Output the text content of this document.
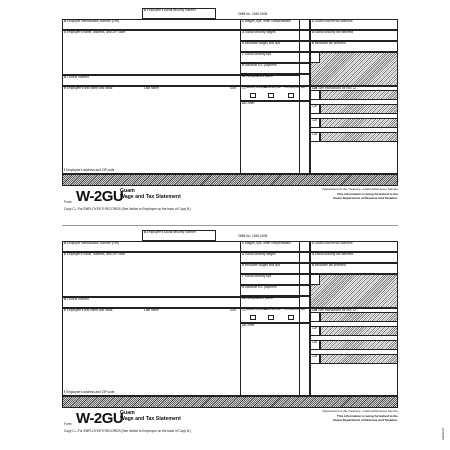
aEmployee's social security number
OMB No. 1545-0008
bEmployer identification number (EIN)
cEmployer's name, address, and ZIP code
dControl number
eEmployee's first name and initial	Last name	Suff.
fEmployee's address and ZIP code
1Wages, tips, other compensation
3Social security wages
5Medicare wages and tips
7Social security tips
9Advance EIC payment
11Nonqualified plans
13 Statutory employee
Retirement plan Third-party sick pay
14Other
2Guam income tax withheld
4Social security tax withheld
6Medicare tax withheld
12aSee instructions for box 12
12b
12c
12d
Form W-2GU
Guam
Wage and Tax Statement
Copy C—For EMPLOYEE'S RECORDS (See Notice to Employee on the back of Copy B.)
Department of the Treasury—Internal Revenue Service
This information is being furnished to the
Guam Department of Revenue and Taxation.
aEmployee's social security number
OMB No. 1545-0008
bEmployer identification number (EIN)
cEmployer's name, address, and ZIP code
dControl number
eEmployee's first name and initial	Last name	Suff.
fEmployee's address and ZIP code
1Wages, tips, other compensation
3Social security wages
5Medicare wages and tips
7Social security tips
9Advance EIC payment
11Nonqualified plans
13 Statutory employee
Retirement plan Third-party sick pay
14Other
2Guam income tax withheld
4Social security tax withheld
6Medicare tax withheld
12aSee instructions for box 12
12b
12c
12d
Form W-2GU
Guam
Wage and Tax Statement
Copy C—For EMPLOYEE'S RECORDS (See Notice to Employee on the back of Copy B.)
Department of the Treasury—Internal Revenue Service
This information is being furnished to the
Guam Department of Revenue and Taxation.
LW2GUC
